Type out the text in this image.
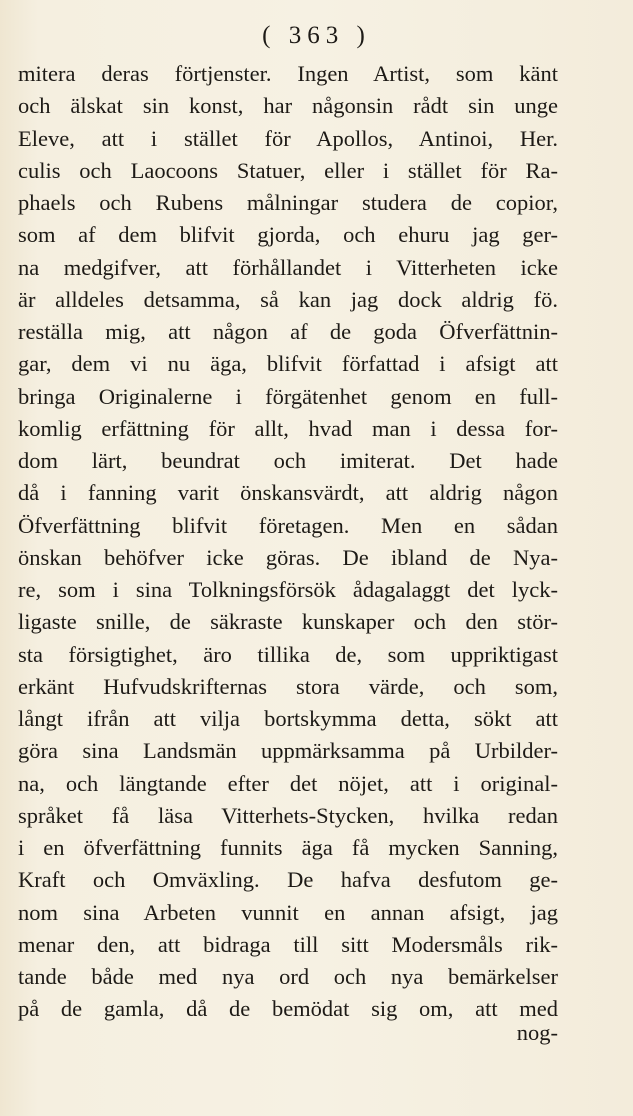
( 363 )
mitera deras förtjenster. Ingen Artist, som känt
och älskat sin konst, har någonsin rådt sin unge
Eleve, att i stället för Apollos, Antinoi, Her.
culis och Laocoons Statuer, eller i stället för Ra-
phaels och Rubens målningar studera de copior,
som af dem blifvit gjorda, och ehuru jag ger-
na medgifver, att förhållandet i Vitterheten icke
är alldeles detsamma, så kan jag dock aldrig fö.
reställa mig, att någon af de goda Öfverfättnin-
gar, dem vi nu äga, blifvit författad i afsigt att
bringa Originalerne i förgätenhet genom en full-
komlig erfättning för allt, hvad man i dessa for-
dom lärt, beundrat och imiterat. Det hade
då i fanning varit önskansvärdt, att aldrig någon
Öfverfättning blifvit företagen. Men en sådan
önskan behöfver icke göras. De ibland de Nya-
re, som i sina Tolkningsförsök ådagalaggt det lyck-
ligaste snille, de säkraste kunskaper och den stör-
sta försigtighet, äro tillika de, som uppriktigast
erkänt Hufvudskrifternas stora värde, och som,
långt ifrån att vilja bortskymma detta, sökt att
göra sina Landsmän uppmärksamma på Urbilder-
na, och längtande efter det nöjet, att i original-
språket få läsa Vitterhets-Stycken, hvilka redan
i en öfverfättning funnits äga få mycken Sanning,
Kraft och Omväxling. De hafva desfutom ge-
nom sina Arbeten vunnit en annan afsigt, jag
menar den, att bidraga till sitt Modersmåls rik-
tande både med nya ord och nya bemärkelser
på de gamla, då de bemödat sig om, att med
nog-
